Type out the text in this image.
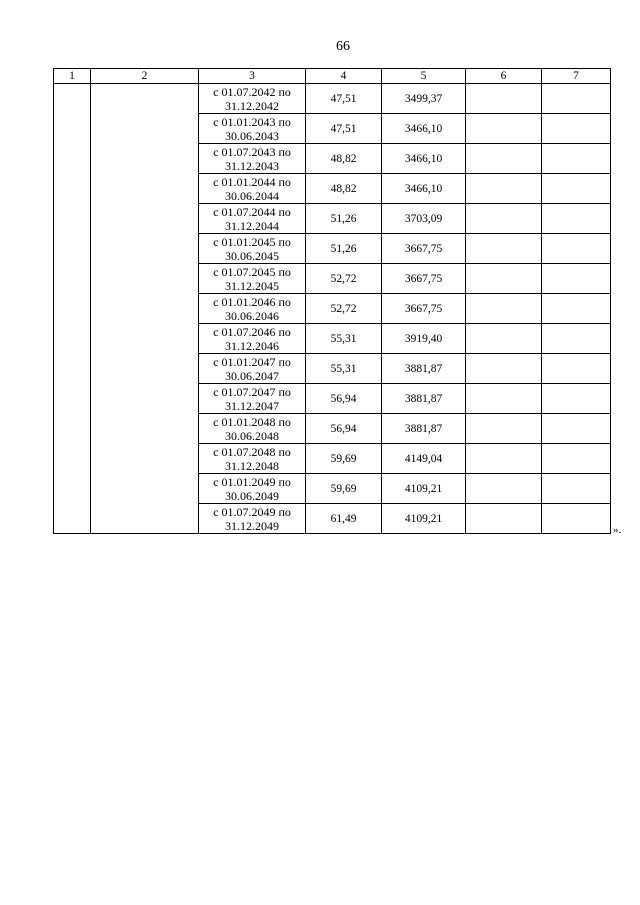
66
1	2	3	4	5	6	7

		с 01.07.2042 по
31.12.2042	47,51	3499,37		

		с 01.01.2043 по
30.06.2043	47,51	3466,10		

		с 01.07.2043 по
31.12.2043	48,82	3466,10		

		с 01.01.2044 по
30.06.2044	48,82	3466,10		

		с 01.07.2044 по
31.12.2044	51,26	3703,09		

		с 01.01.2045 по
30.06.2045	51,26	3667,75		

		с 01.07.2045 по
31.12.2045	52,72	3667,75		

		с 01.01.2046 по
30.06.2046	52,72	3667,75		

		с 01.07.2046 по
31.12.2046	55,31	3919,40		

		с 01.01.2047 по
30.06.2047	55,31	3881,87		

		с 01.07.2047 по
31.12.2047	56,94	3881,87		

		с 01.01.2048 по
30.06.2048	56,94	3881,87		

		с 01.07.2048 по
31.12.2048	59,69	4149,04		

		с 01.01.2049 по
30.06.2049	59,69	4109,21		

		с 01.07.2049 по
31.12.2049	61,49	4109,21		
».
